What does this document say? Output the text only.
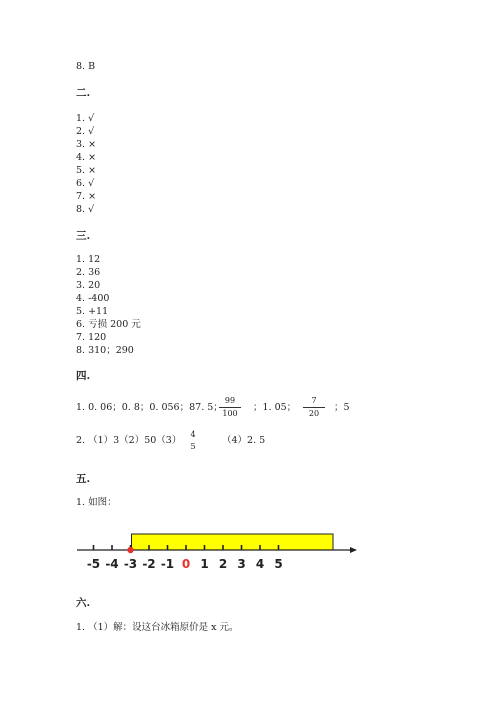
8. B
二.
1. √
2. √
3. ×
4. ×
5. ×
6. √
7. ×
8. √
三.
1. 12
2. 36
3. 20
4. -400
5. +11
6. 亏损 200 元
7. 120
8. 310；290
四.
1. 0. 06；0. 8；0. 056；87. 5；
$\frac{99}{100}$ ；1. 05； $\frac{7}{20}$ ；5
2. （1）3（2）50（3）
4
5
（4）2. 5
五.
1. 如图：
-5 -4 -3 -2 -1 0 1 2 3 4 5
六.
1. （1）解：设这台冰箱原价是 x 元。
